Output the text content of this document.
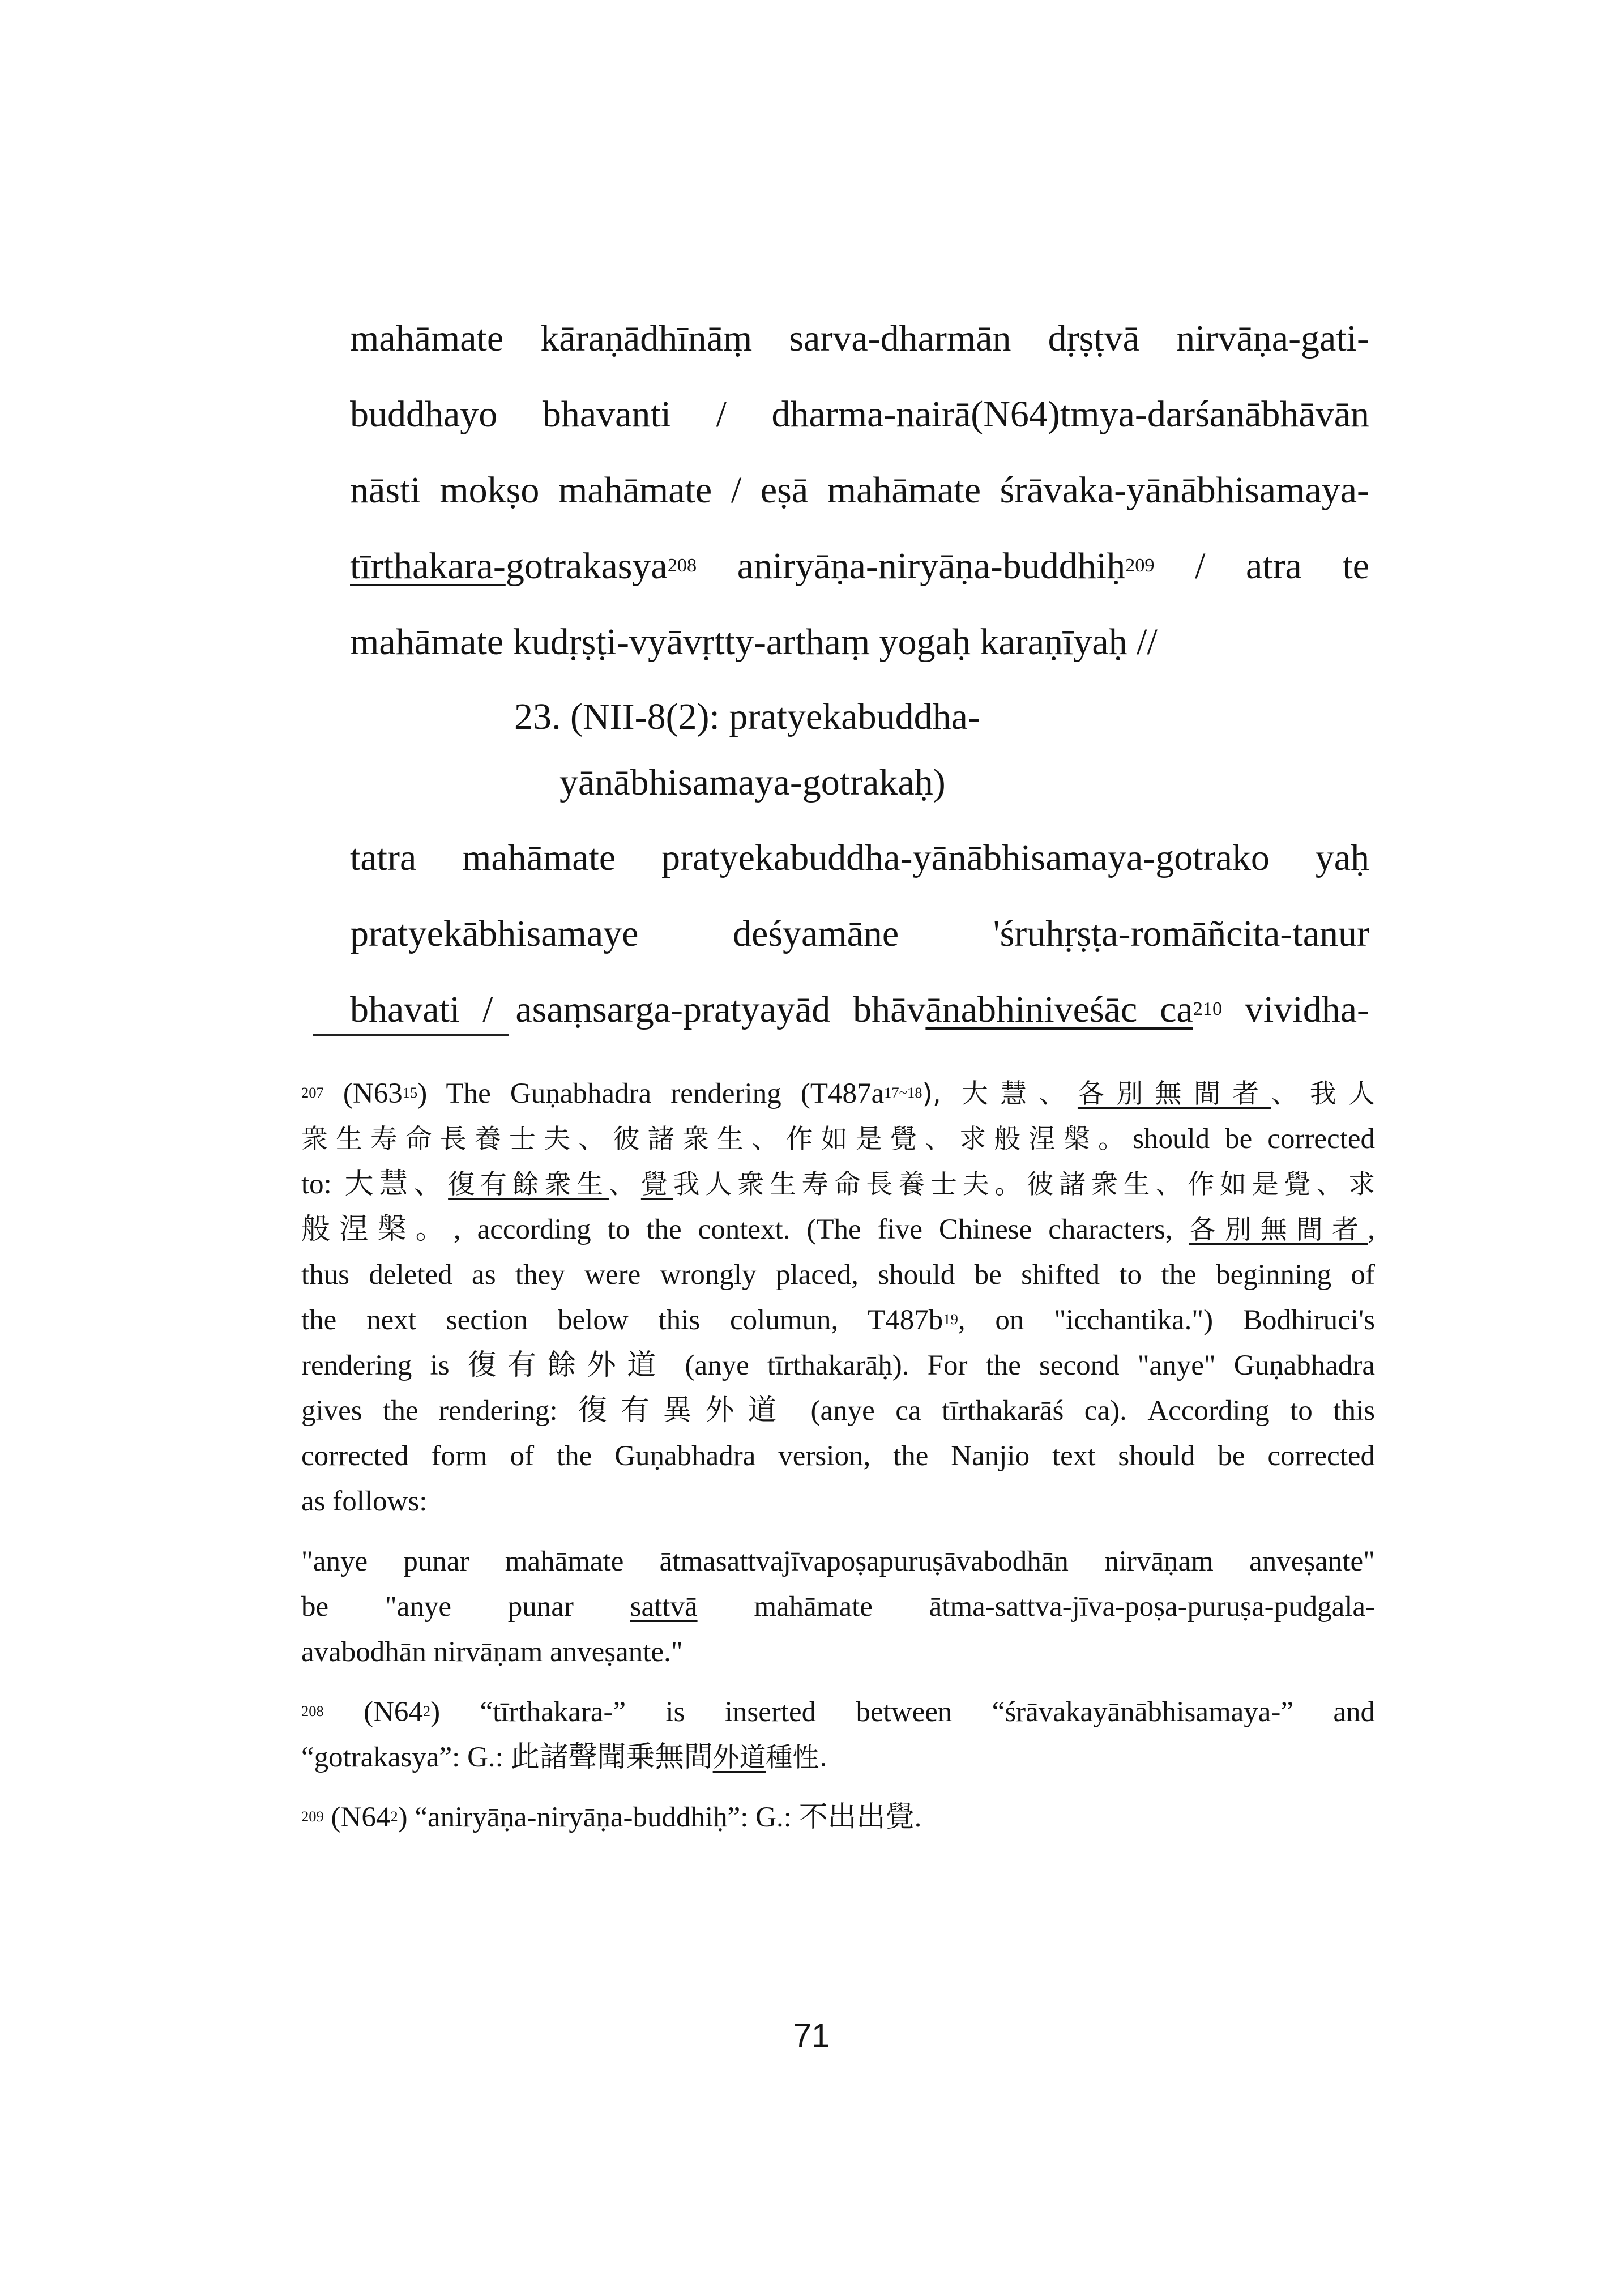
mahāmate kāraṇādhīnāṃ sarva-dharmān dṛṣṭvā nirvāṇa-gati-
buddhayo bhavanti / dharma-nairā(N64)tmya-darśanābhāvān
nāsti mokṣo mahāmate / eṣā mahāmate śrāvaka-yānābhisamaya-
tīrthakara-gotrakasya$^{208}$ aniryāṇa-niryāṇa-buddhiḥ$^{209}$ / atra te
mahāmate kudṛṣṭi-vyāvṛtty-arthaṃ yogaḥ karaṇīyaḥ //
23. (NII-8(2): pratyekabuddha-
yānābhisamaya-gotrakaḥ)
tatra mahāmate pratyekabuddha-yānābhisamaya-gotrako yaḥ
pratyekābhisamaye deśyamāne 'śruhṛṣṭa-romāñcita-tanur
bhavati / asaṃsarga-pratyayād bhāvānabhiniveśāc $ca^{210}$ vividha-
$^{207}$ $(N63^{15})$ The Guṇabhadra rendering $(T487a^{17\sim 18})$, 大慧、各別無間者、我人
衆生寿命長養士夫、彼諸衆生、作如是覺、求般涅槃。should be corrected
to: 大慧、復有餘衆生、覺我人衆生寿命長養士夫。彼諸衆生、作如是覺、求
般涅槃。, according to the context. (The five Chinese characters, 各別無間者,
thus deleted as they were wrongly placed, should be shifted to the beginning of
the next section below this columun, $T487b^{19}$, on "icchantika.") Bodhiruci's
rendering is 復有餘外道 (anye tīrthakarāḥ). For the second "anye" Guṇabhadra
gives the rendering: 復有異外道 (anye ca tīrthakarāś ca). According to this
corrected form of the Guṇabhadra version, the Nanjio text should be corrected
as follows:
"anye punar mahāmate ātmasattvajīvapoṣapuruṣāvabodhān nirvāṇam anveṣante"
be "anye punar sattvā mahāmate ātma-sattva-jīva-poṣa-puruṣa-pudgala-
avabodhān nirvāṇam anveṣante."
$^{208}$ $(N64^2)$ “tīrthakara-” is inserted between “śrāvakayānābhisamaya-” and
“gotrakasya”: G.: 此諸聲聞乗無間外道種性.
$^{209}$ $(N64^2)$ “aniryāṇa-niryāṇa-buddhiḥ”: G.: 不出出覺.
71
